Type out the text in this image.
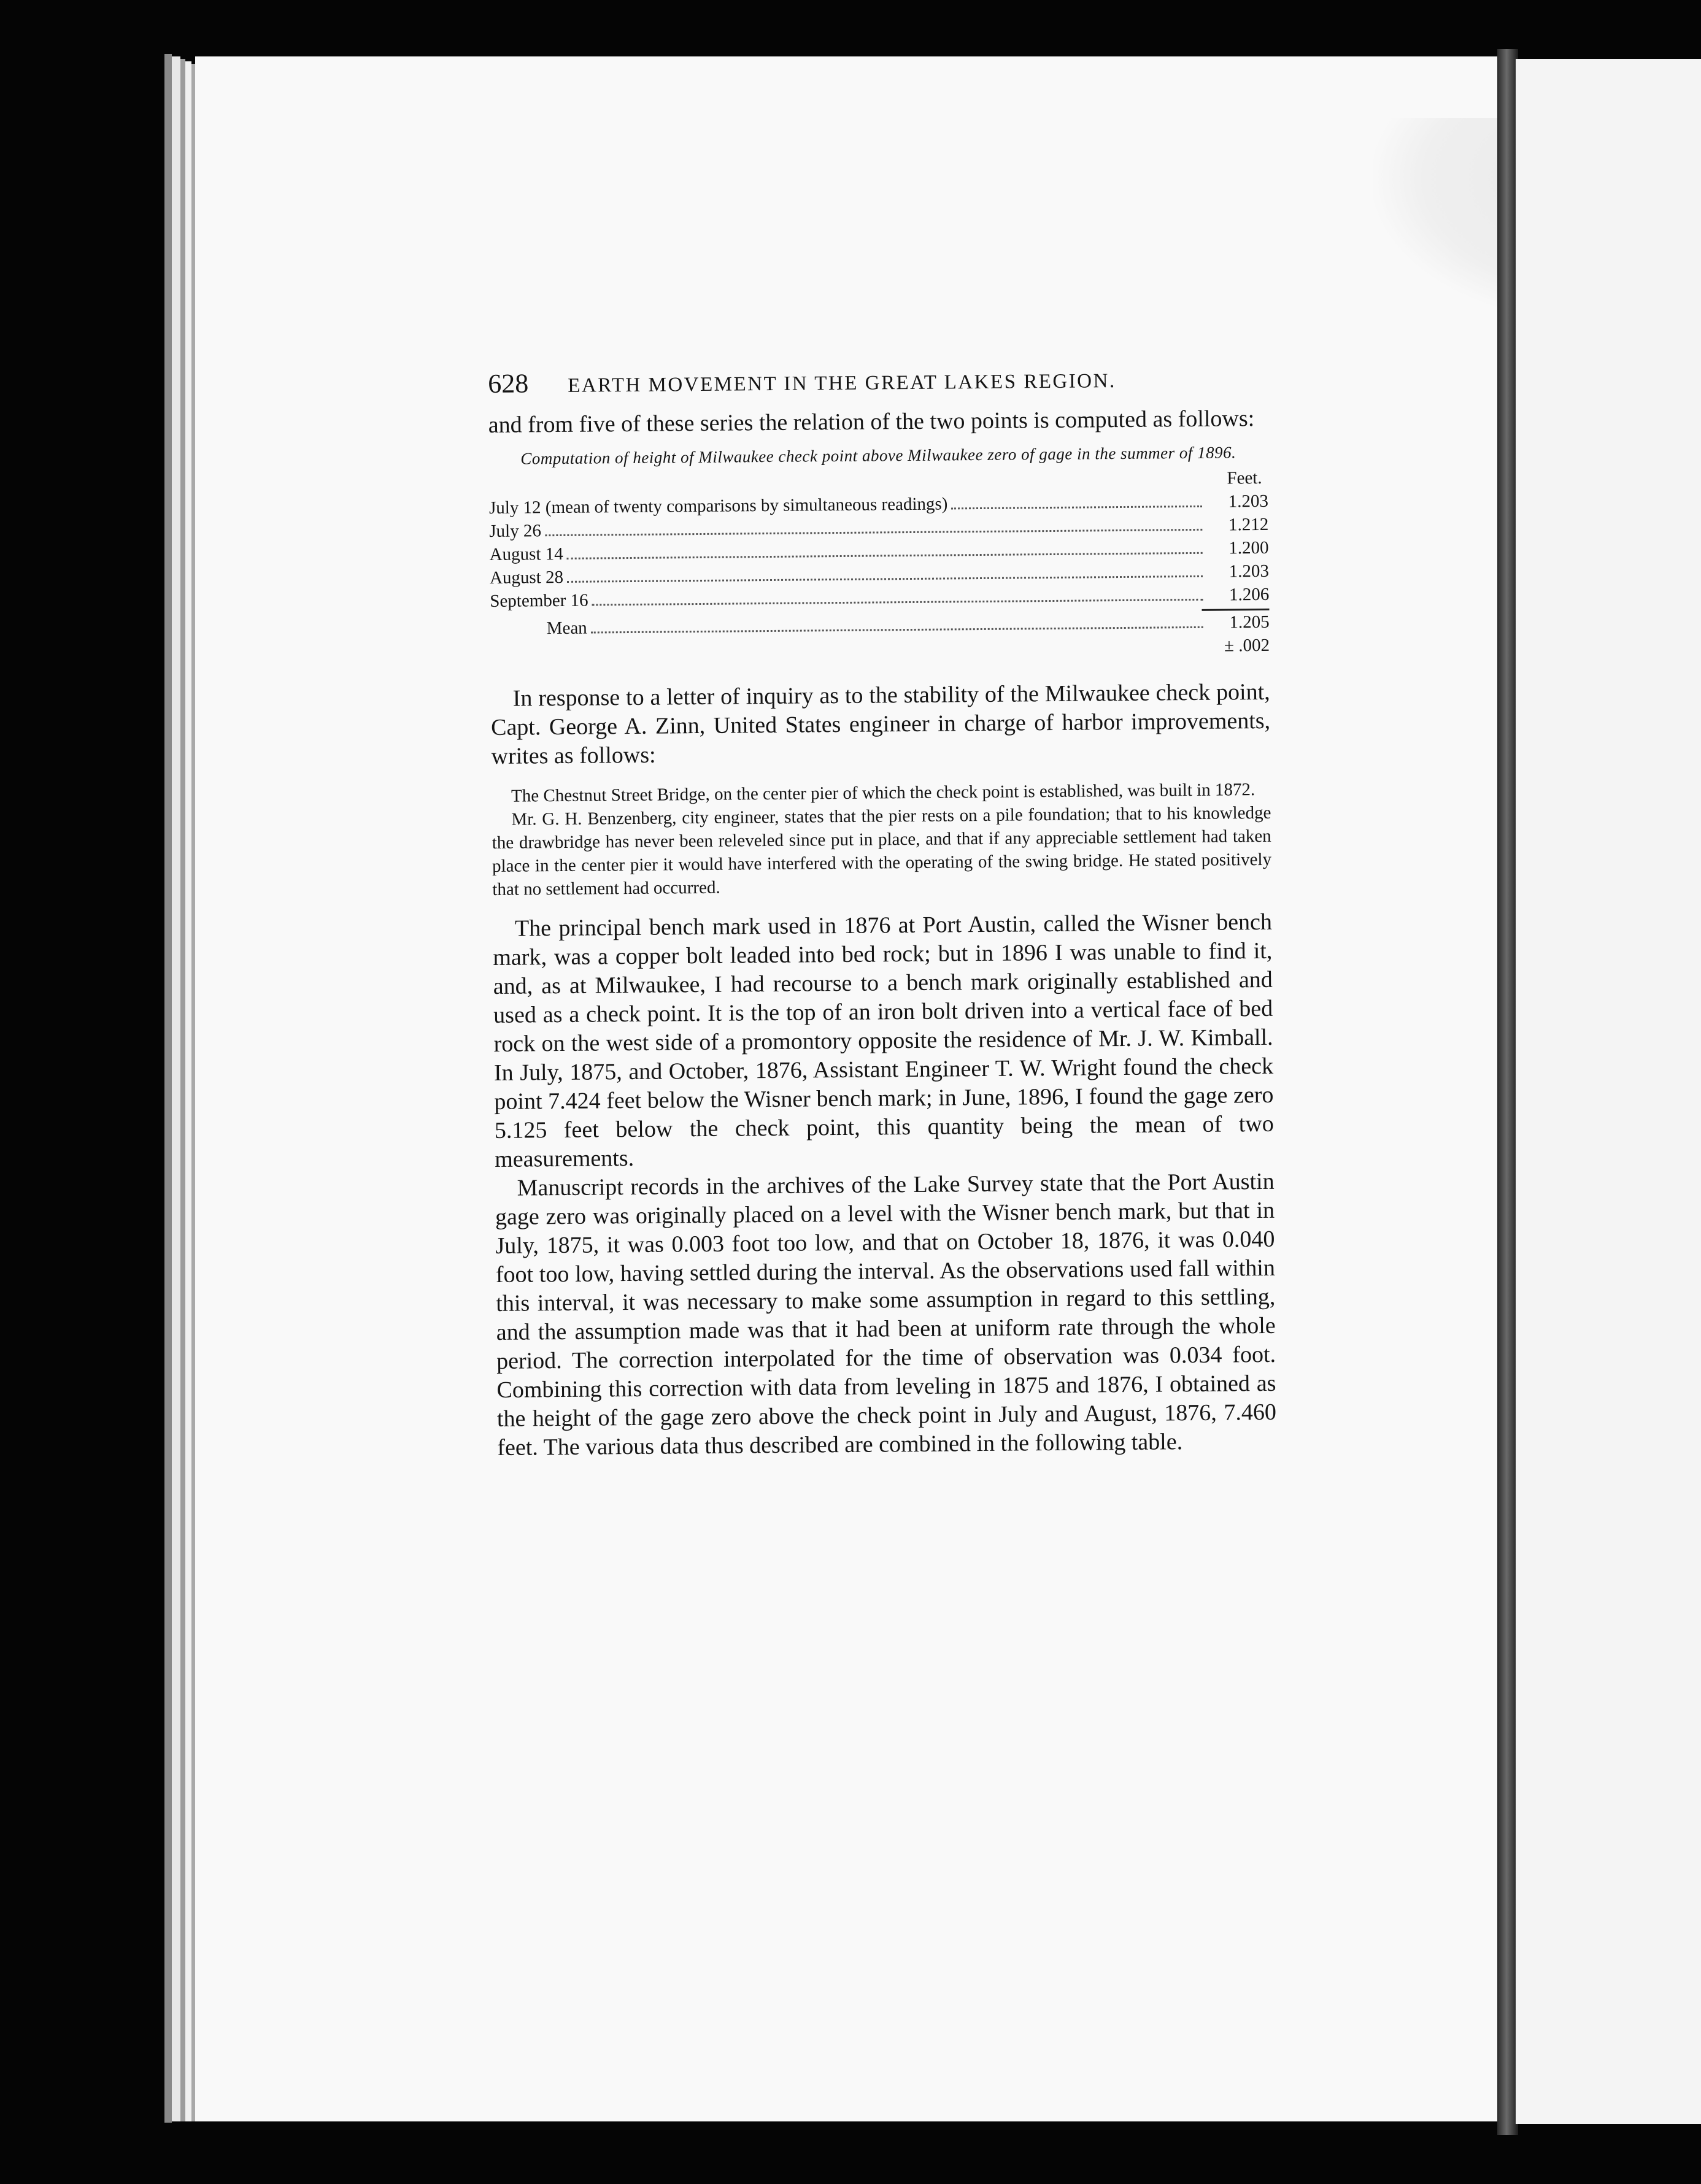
628	EARTH MOVEMENT IN THE GREAT LAKES REGION.

and from five of these series the relation of the two points is computed as follows:

Computation of height of Milwaukee check point above Milwaukee zero of gage in the summer of 1896.
Feet.
July 12 (mean of twenty comparisons by simultaneous readings)	1.203
July 26	1.212
August 14	1.200
August 28	1.203
September 16	1.206
Mean	1.205
± .002

In response to a letter of inquiry as to the stability of the Milwaukee check point, Capt. George A. Zinn, United States engineer in charge of harbor improvements, writes as follows:

The Chestnut Street Bridge, on the center pier of which the check point is established, was built in 1872.

Mr. G. H. Benzenberg, city engineer, states that the pier rests on a pile foundation; that to his knowledge the drawbridge has never been releveled since put in place, and that if any appreciable settlement had taken place in the center pier it would have interfered with the operating of the swing bridge. He stated positively that no settlement had occurred.

The principal bench mark used in 1876 at Port Austin, called the Wisner bench mark, was a copper bolt leaded into bed rock; but in 1896 I was unable to find it, and, as at Milwaukee, I had recourse to a bench mark originally established and used as a check point. It is the top of an iron bolt driven into a vertical face of bed rock on the west side of a promontory opposite the residence of Mr. J. W. Kimball. In July, 1875, and October, 1876, Assistant Engineer T. W. Wright found the check point 7.424 feet below the Wisner bench mark; in June, 1896, I found the gage zero 5.125 feet below the check point, this quantity being the mean of two measurements.

Manuscript records in the archives of the Lake Survey state that the Port Austin gage zero was originally placed on a level with the Wisner bench mark, but that in July, 1875, it was 0.003 foot too low, and that on October 18, 1876, it was 0.040 foot too low, having settled during the interval. As the observations used fall within this interval, it was necessary to make some assumption in regard to this settling, and the assumption made was that it had been at uniform rate through the whole period. The correction interpolated for the time of observation was 0.034 foot. Combining this correction with data from leveling in 1875 and 1876, I obtained as the height of the gage zero above the check point in July and August, 1876, 7.460 feet. The various data thus described are combined in the following table.
